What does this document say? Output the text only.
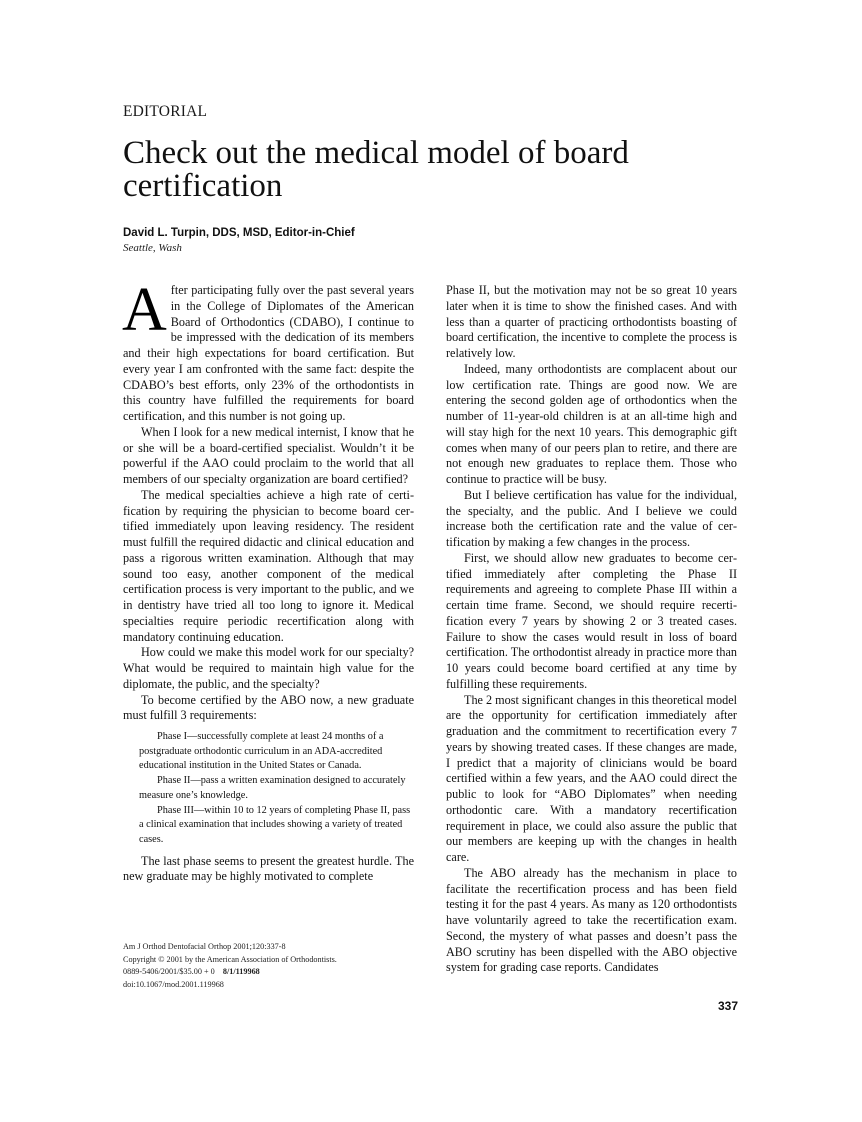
EDITORIAL
Check out the medical model of board certification
David L. Turpin, DDS, MSD, Editor-in-Chief
Seattle, Wash

After participating fully over the past several years in the College of Diplomates of the American Board of Orthodontics (CDABO), I continue to be impressed with the dedication of its members and their high expectations for board certification. But every year I am confronted with the same fact: despite the CDABO’s best efforts, only 23% of the orthodontists in this country have fulfilled the requirements for board certification, and this number is not going up.

When I look for a new medical internist, I know that he or she will be a board-certified specialist. Wouldn’t it be powerful if the AAO could proclaim to the world that all members of our specialty organization are board certified?

The medical specialties achieve a high rate of certification by requiring the physician to become board certified immediately upon leaving residency. The resident must fulfill the required didactic and clinical education and pass a rigorous written examination. Although that may sound too easy, another component of the medical certification process is very important to the public, and we in dentistry have tried all too long to ignore it. Medical specialties require periodic recertification along with mandatory continuing education.

How could we make this model work for our specialty? What would be required to maintain high value for the diplomate, the public, and the specialty?

To become certified by the ABO now, a new graduate must fulfill 3 requirements:

Phase I—successfully complete at least 24 months of a postgraduate orthodontic curriculum in an ADA-accredited educational institution in the United States or Canada.

Phase II—pass a written examination designed to accurately measure one’s knowledge.

Phase III—within 10 to 12 years of completing Phase II, pass a clinical examination that includes showing a variety of treated cases.

The last phase seems to present the greatest hurdle. The new graduate may be highly motivated to complete

Phase II, but the motivation may not be so great 10 years later when it is time to show the finished cases. And with less than a quarter of practicing orthodontists boasting of board certification, the incentive to complete the process is relatively low.

Indeed, many orthodontists are complacent about our low certification rate. Things are good now. We are entering the second golden age of orthodontics when the number of 11-year-old children is at an all-time high and will stay high for the next 10 years. This demographic gift comes when many of our peers plan to retire, and there are not enough new graduates to replace them. Those who continue to practice will be busy.

But I believe certification has value for the individual, the specialty, and the public. And I believe we could increase both the certification rate and the value of certification by making a few changes in the process.

First, we should allow new graduates to become certified immediately after completing the Phase II requirements and agreeing to complete Phase III within a certain time frame. Second, we should require recertification every 7 years by showing 2 or 3 treated cases. Failure to show the cases would result in loss of board certification. The orthodontist already in practice more than 10 years could become board certified at any time by fulfilling these requirements.

The 2 most significant changes in this theoretical model are the opportunity for certification immediately after graduation and the commitment to recertification every 7 years by showing treated cases. If these changes are made, I predict that a majority of clinicians would be board certified within a few years, and the AAO could direct the public to look for “ABO Diplomates” when needing orthodontic care. With a mandatory recertification requirement in place, we could also assure the public that our members are keeping up with the changes in health care.

The ABO already has the mechanism in place to facilitate the recertification process and has been field testing it for the past 4 years. As many as 120 orthodontists have voluntarily agreed to take the recertification exam. Second, the mystery of what passes and doesn’t pass the ABO scrutiny has been dispelled with the ABO objective system for grading case reports. Candidates

Am J Orthod Dentofacial Orthop 2001;120:337-8
Copyright © 2001 by the American Association of Orthodontists.
0889-5406/2001/$35.00 + 0 8/1/119968
doi:10.1067/mod.2001.119968
337
